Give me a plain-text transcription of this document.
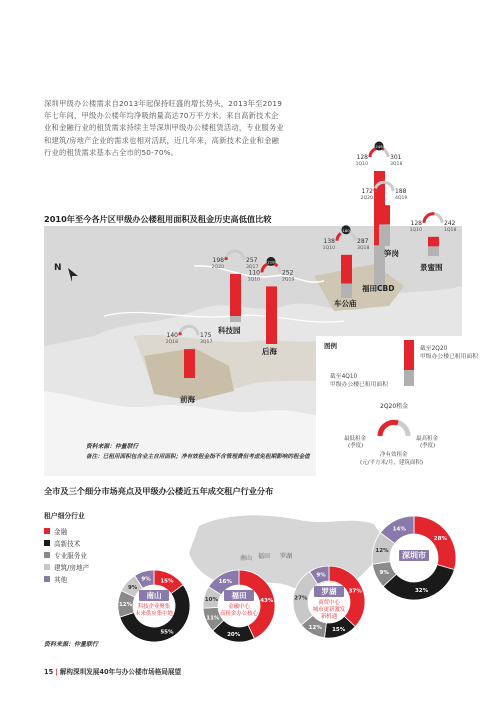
深圳甲级办公楼需求自2013年起保持旺盛的增长势头，2013年至2019年七年间，甲级办公楼年均净吸纳量高达70万平方米。来自高新技术企业和金融行业的租赁需求持续主导深圳甲级办公楼租赁活动，专业服务业和建筑/房地产企业的需求也相对活跃，近几年来，高新技术企业和金融行业的租赁需求基本占全市的50-70%。
2010年至今各片区甲级办公楼租用面积及租金历史高低值比较
N
福田CBD
246
128
1Q10
301
3Q18
笋岗
172
2Q20
188
4Q19
景蜜围
128
1Q10
242
1Q18
车公庙
180
138
1Q10
287
3Q18
科技园
198
2Q20
257
3Q17
后海
218
110
1Q10
252
2Q19
前海
140
2Q18
175
3Q17	图例	截至2Q20
甲级办公楼已租用面积
截至4Q10
甲级办公楼已租用面积
2Q20租金
最低租金
(季度)
最高租金
(季度)
净有效租金
(元/平方米/月，建筑面积)
资料来源：仲量联行
备注：已租用面积包含业主自用面积；净有效租金指不含管理费但考虑免租期影响的租金值
全市及三个细分市场亮点及甲级办公楼近五年成交租户行业分布
南山 福田 罗湖
租户细分行业
金融
高新技术
专业服务业
建筑/房地产
其他
28%
32%
9%
12%
14%
深圳市
15%
55%
12%
9%
9%
南山
科技企业聚集
未来供应集中地
43%
20%
11%
10%
16%
福田
金融中心
高租金办公核心
37%
15%
12%
27%
9%
罗湖
商贸中心
城市更新激发
新机遇
资料来源：仲量联行
15 | 解构深圳发展40年与办公楼市场格局展望
